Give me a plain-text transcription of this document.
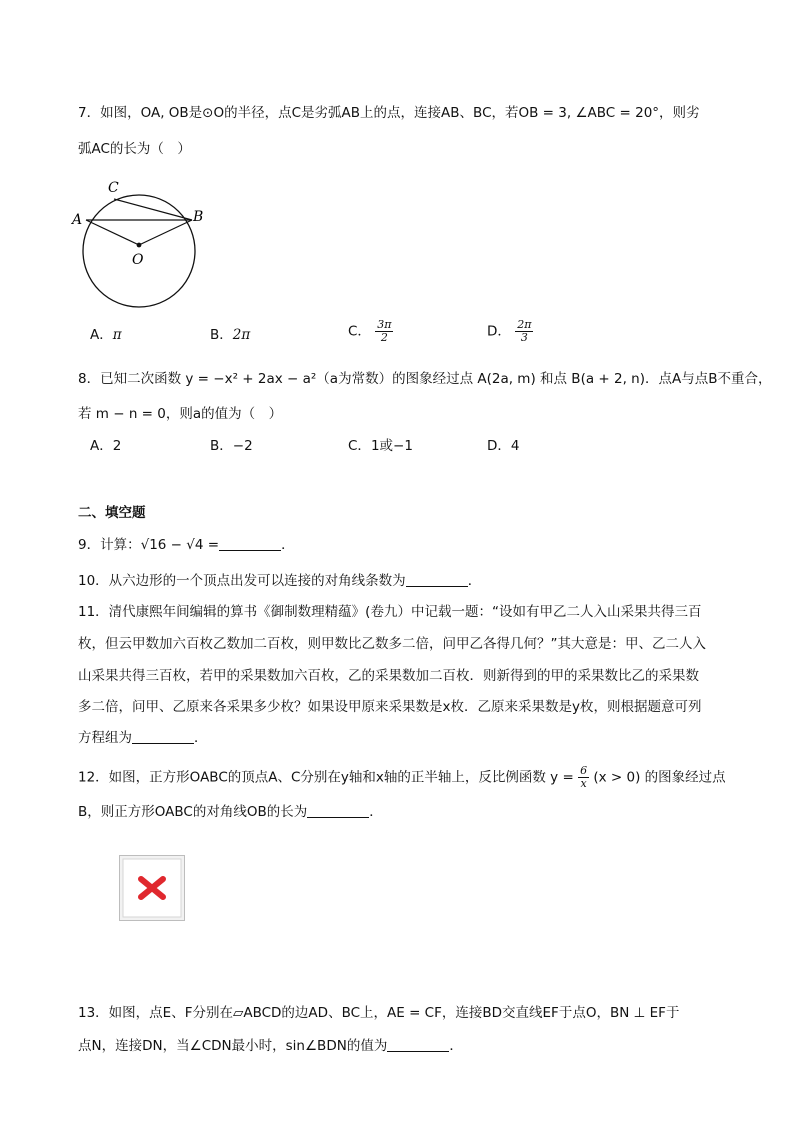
7．如图，OA, OB是⊙O的半径，点C是劣弧AB上的点，连接AB、BC，若OB = 3, ∠ABC = 20°，则劣
弧AC的长为（　）
C
A	B
O
A．π	B．2π	C． $\frac{3\pi}{2}$	D． $\frac{2\pi}{3}$
8．已知二次函数 y = −x² + 2ax − a²（a为常数）的图象经过点 A(2a, m) 和点 B(a + 2, n)．点A与点B不重合，
若 m − n = 0，则a的值为（　）
A．2	B．−2	C．1或−1	D．4
二、填空题
9．计算：√16 − √4 =	．
10．从六边形的一个顶点出发可以连接的对角线条数为	．
11．清代康熙年间编辑的算书《御制数理精蕴》(卷九）中记载一题：“设如有甲乙二人入山采果共得三百
枚，但云甲数加六百枚乙数加二百枚，则甲数比乙数多二倍，问甲乙各得几何？”其大意是：甲、乙二人入
山采果共得三百枚，若甲的采果数加六百枚，乙的采果数加二百枚．则新得到的甲的采果数比乙的采果数
多二倍，问甲、乙原来各采果多少枚？如果设甲原来采果数是x枚．乙原来采果数是y枚，则根据题意可列
方程组为	．
12．如图，正方形OABC的顶点A、C分别在y轴和x轴的正半轴上，反比例函数 $y = \frac{6}{x} (x > 0)$ 的图象经过点
B，则正方形OABC的对角线OB的长为	．
13．如图，点E、F分别在▱ABCD的边AD、BC上，AE = CF，连接BD交直线EF于点O，BN ⊥ EF于
点N，连接DN，当∠CDN最小时，sin∠BDN的值为	．
